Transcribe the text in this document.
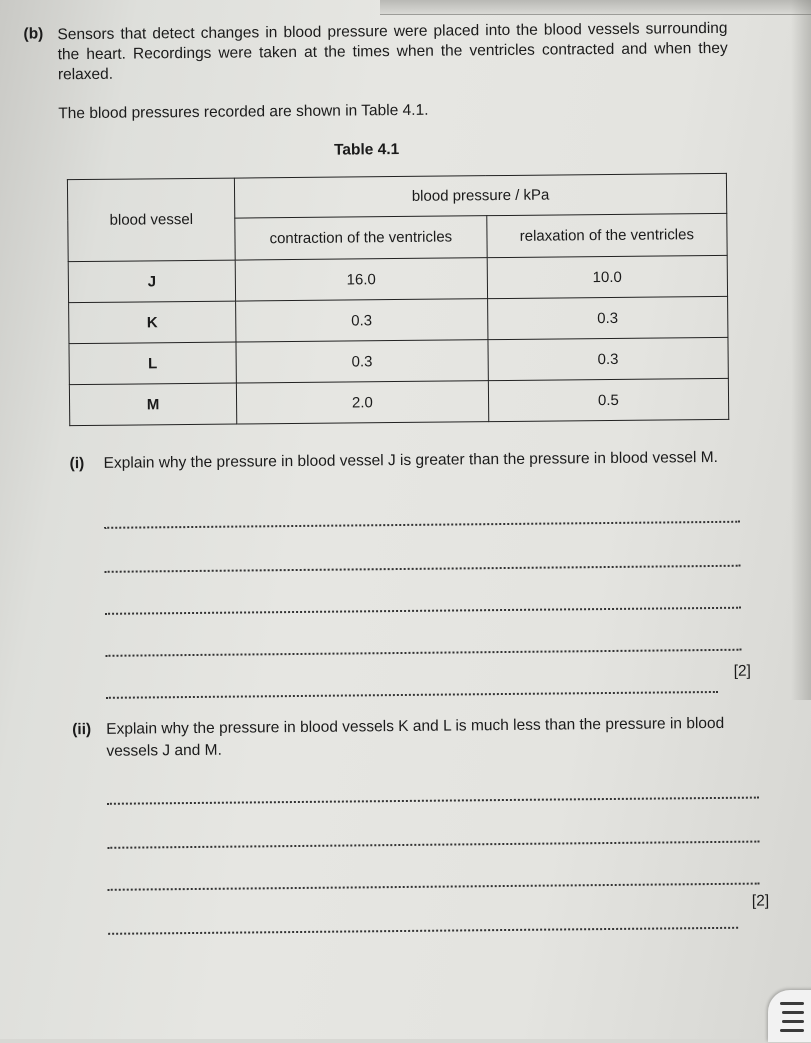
(b) Sensors that detect changes in blood pressure were placed into the blood vessels surrounding the heart. Recordings were taken at the times when the ventricles contracted and when they relaxed.
The blood pressures recorded are shown in Table 4.1.
Table 4.1
blood vessel	blood pressure / kPa	
	contraction of the ventricles	relaxation of the ventricles
J	16.0	10.0
K	0.3	0.3
L	0.3	0.3
M	2.0	0.5
(i) Explain why the pressure in blood vessel J is greater than the pressure in blood vessel M.
[2]
(ii) Explain why the pressure in blood vessels K and L is much less than the pressure in blood vessels J and M.
[2]
